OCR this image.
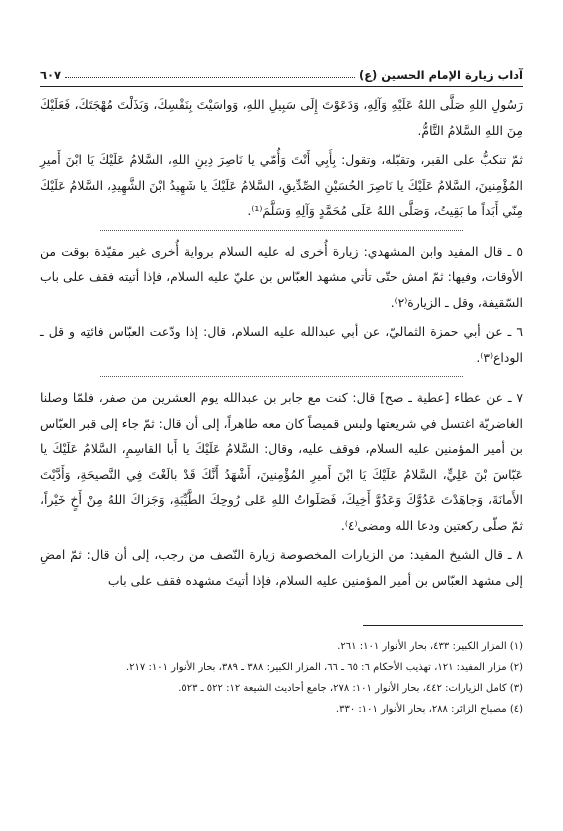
آداب زيارة الإمام الحسين (ع)
٦٠٧

رَسُولِ اللهِ صَلَّى اللهُ عَلَيْهِ وَآلِهِ، وَدَعَوْتَ إِلَى سَبِيلِ اللهِ، وَواسَيْتَ بِنَفْسِكَ، وَبَذَلْتَ مُهْجَتَكَ، فَعَلَيْكَ مِنَ اللهِ السَّلامُ التَّامُّ.

ثمّ تنكبُّ على القبر، وتقبّله، وتقول: بِأَبِي أَنْتَ وَأُمّي يا نَاصِرَ دِينِ اللهِ، السَّلامُ عَلَيْكَ يَا ابْنَ أَميرِ المُؤْمِنينَ، السَّلامُ عَلَيْكَ يا نَاصِرَ الحُسَيْنِ الصِّدِّيقِ، السَّلامُ عَلَيْكَ يا شَهِيدُ ابْنَ الشَّهِيدِ، السَّلامُ عَلَيْكَ مِنّي أَبَداً ما بَقِيتُ، وَصَلَّى اللهُ عَلَى مُحَمَّدٍ وَآلِهِ وَسَلَّمَ⁽¹⁾.

٥ ـ قال المفيد وابن المشهدي: زيارة أُخرى له عليه السلام برواية أُخرى غير مقيّدة بوقت من الأوقات، وفيها: ثمّ امش حتّى تأتي مشهد العبّاس بن عليّ عليه السلام، فإذا أتيته فقف على باب السّقيفة، وقل ـ الزيارة⁽٢⁾.

٦ ـ عن أبي حمزة الثماليّ، عن أبي عبدالله عليه السلام، قال: إذا ودّعت العبّاس فائتِه و قل ـ الوداع⁽٣⁾.

٧ ـ عن عطاء [عطية ـ صح] قال: كنت مع جابر بن عبدالله يوم العشرين من صفر، فلمّا وصلنا الغاضريّة اغتسل في شريعتها ولبس قميصاً كان معه طاهراً، إلى أن قال: ثمّ جاء إلى قبر العبّاس بن أمير المؤمنين عليه السلام، فوقف عليه، وقال: السَّلامُ عَلَيْكَ يا أَبا القاسِمِ، السَّلامُ عَلَيْكَ يا عَبّاسَ بْنَ عَلِيٍّ، السَّلامُ عَلَيْكَ يَا ابْنَ أَميرِ المُؤْمِنينَ، أَشْهَدُ أَنَّكَ قَدْ بالَغْتَ فِي النَّصيحَةِ، وَأَدَّيْتَ الأَمانَةَ، وَجاهَدْتَ عَدُوَّكَ وَعَدُوَّ أَخِيكَ، فَصَلَواتُ اللهِ عَلى رُوحِكَ الطَّيِّبَةِ، وَجَزاكَ اللهُ مِنْ أَخٍ خَيْراً، ثمّ صلّى ركعتين ودعا الله ومضى⁽٤⁾.

٨ ـ قال الشيخ المفيد: من الزيارات المخصوصة زيارة النّصف من رجب، إلى أن قال: ثمّ امضِ إلى مشهد العبّاس بن أمير المؤمنين عليه السلام، فإذا أتيتَ مشهده فقف على باب

(١) المزار الكبير: ٤٣٣، بحار الأنوار ١٠١: ٢٦١.
(٢) مزار المفيد: ١٢١، تهذيب الأحكام ٦: ٦٥ ـ ٦٦، المزار الكبير: ٣٨٨ ـ ٣٨٩، بحار الأنوار ١٠١: ٢١٧.
(٣) كامل الزيارات: ٤٤٢، بحار الأنوار ١٠١: ٢٧٨، جامع أحاديث الشيعة ١٢: ٥٢٢ ـ ٥٢٣.
(٤) مصباح الزائر: ٢٨٨، بحار الأنوار ١٠١: ٣٣٠.
